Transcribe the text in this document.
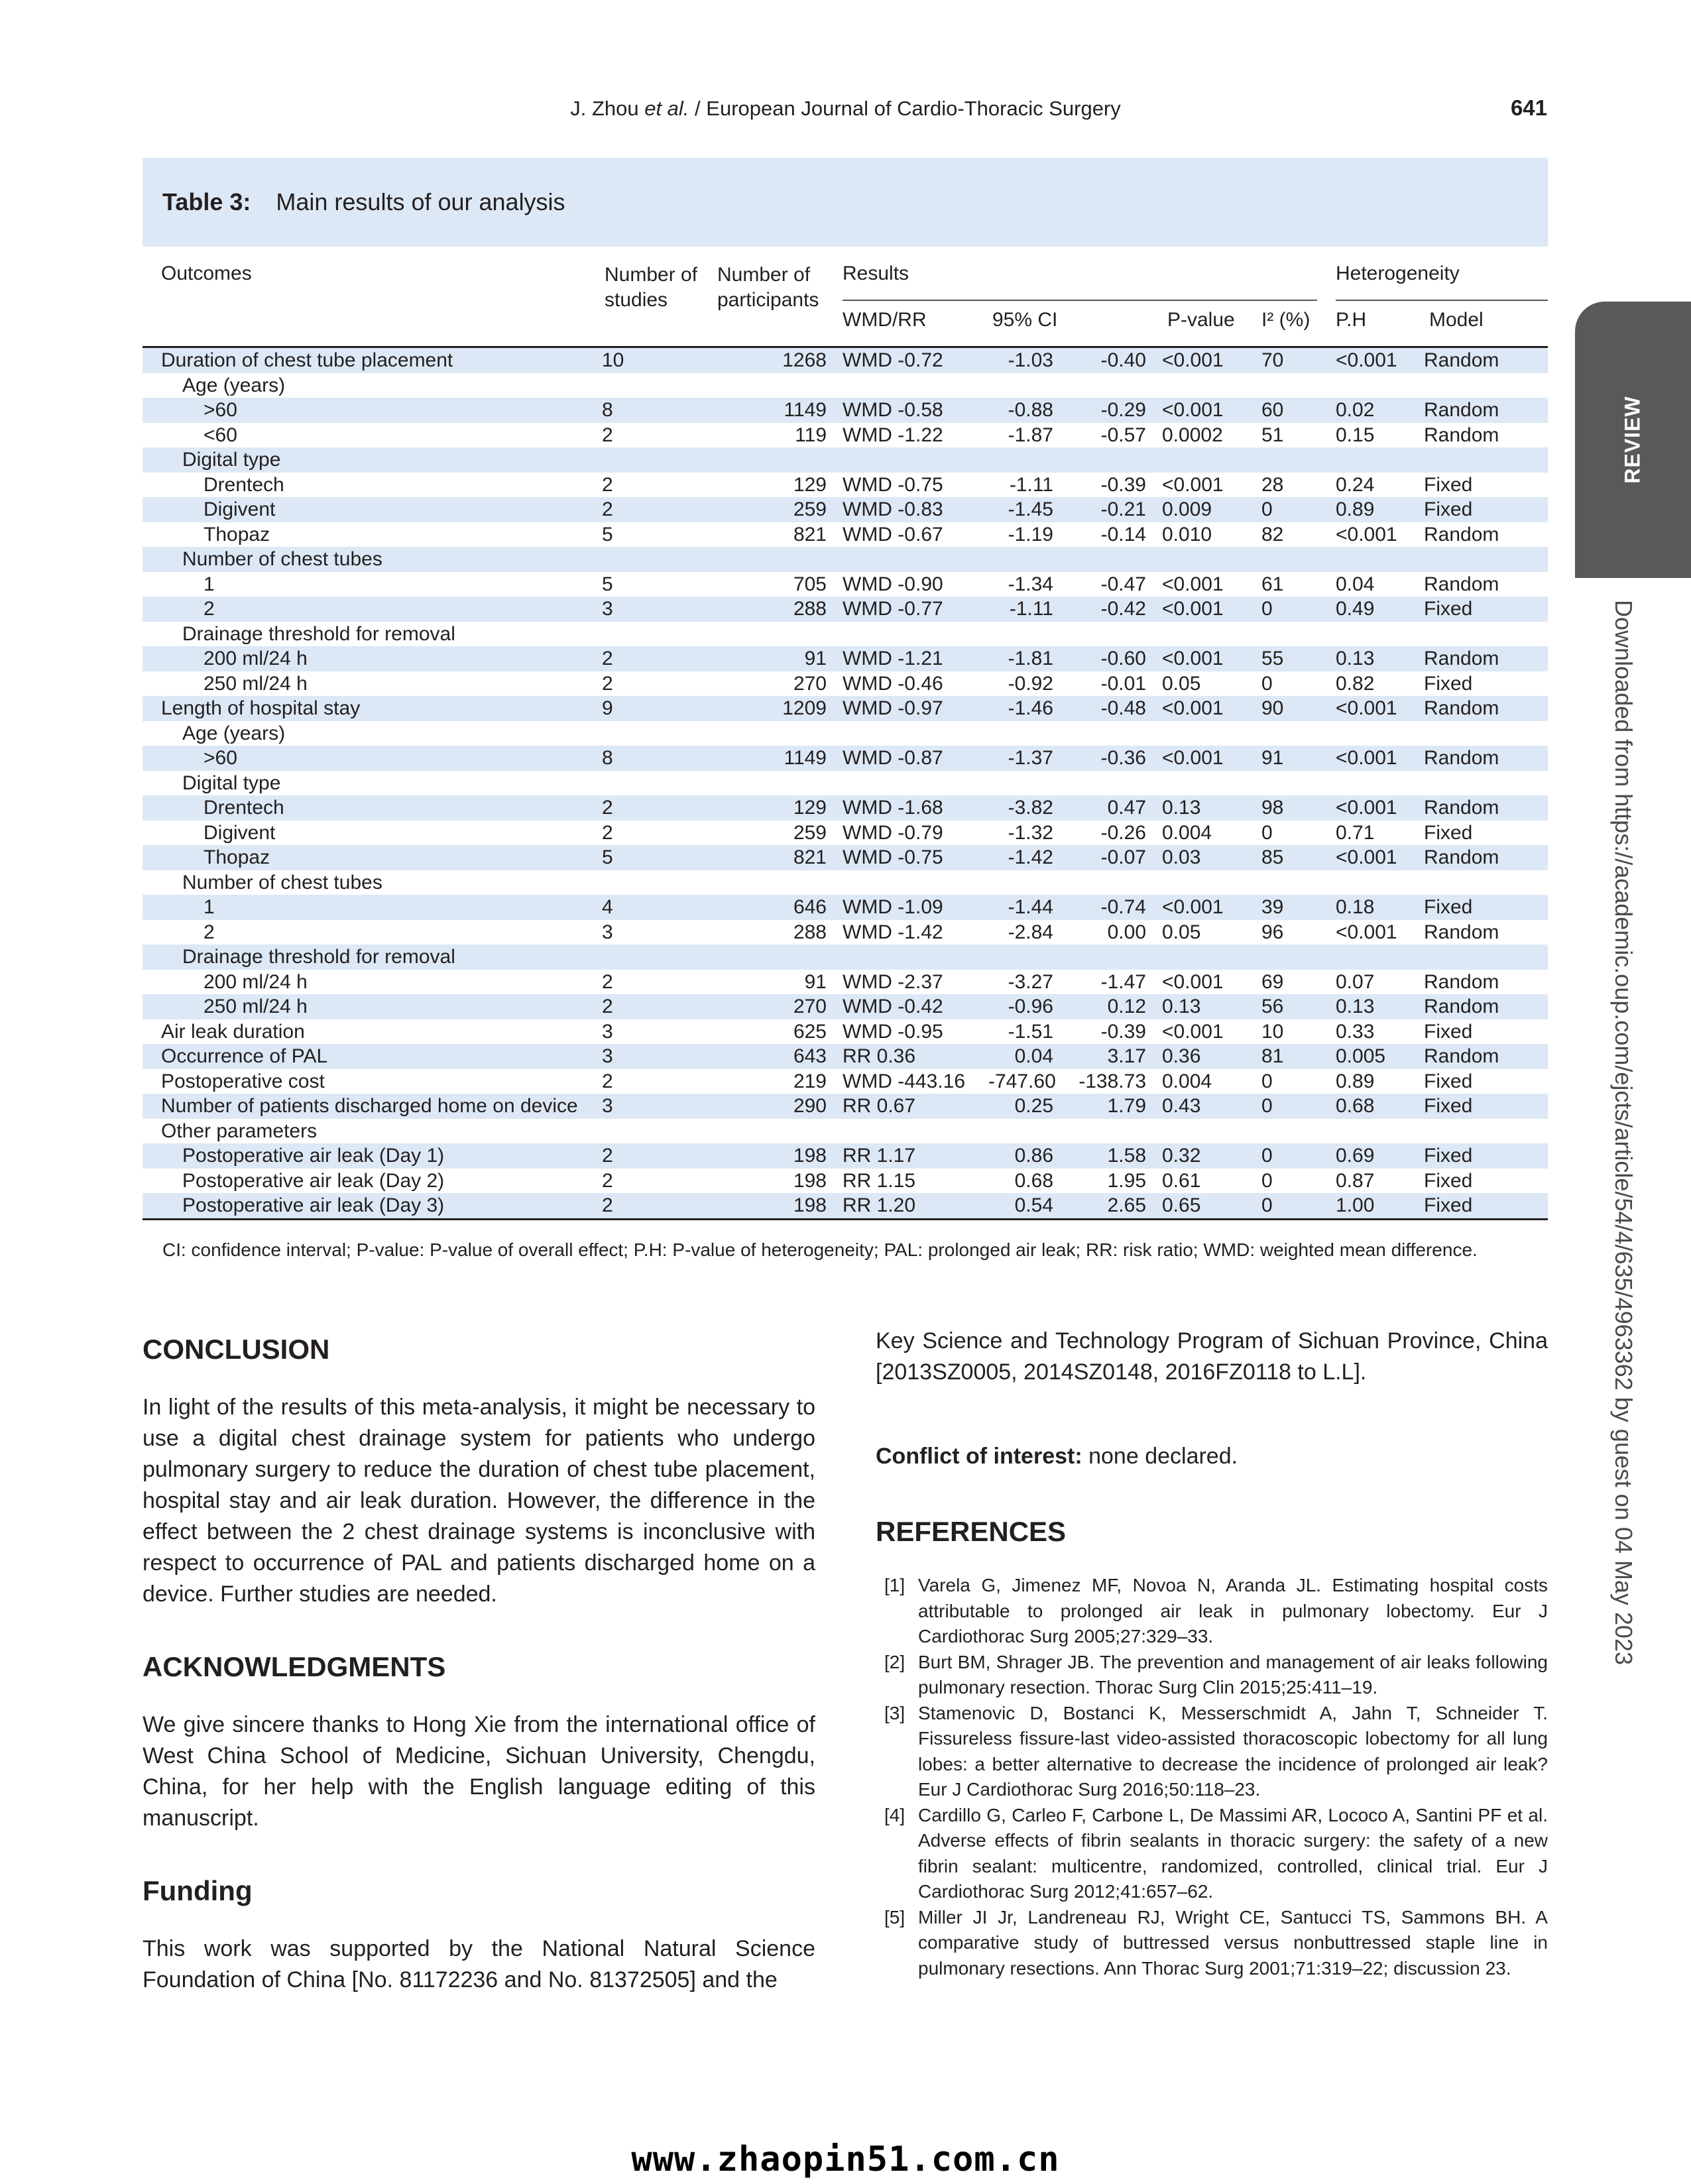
J. Zhou et al. / European Journal of Cardio-Thoracic Surgery	641
Table 3: Main results of our analysis
Outcomes	Number of studies	Number of participants	Results					Heterogeneity	

			WMD/RR	95% CI		P-value	I² (%)	P.H	Model
Duration of chest tube placement	10	1268	WMD -0.72	-1.03	-0.40	<0.001	70	<0.001	Random
Age (years)									
>60	8	1149	WMD -0.58	-0.88	-0.29	<0.001	60	0.02	Random
<60	2	119	WMD -1.22	-1.87	-0.57	0.0002	51	0.15	Random
Digital type									
Drentech	2	129	WMD -0.75	-1.11	-0.39	<0.001	28	0.24	Fixed
Digivent	2	259	WMD -0.83	-1.45	-0.21	0.009	0	0.89	Fixed
Thopaz	5	821	WMD -0.67	-1.19	-0.14	0.010	82	<0.001	Random
Number of chest tubes									
1	5	705	WMD -0.90	-1.34	-0.47	<0.001	61	0.04	Random
2	3	288	WMD -0.77	-1.11	-0.42	<0.001	0	0.49	Fixed
Drainage threshold for removal									
200 ml/24 h	2	91	WMD -1.21	-1.81	-0.60	<0.001	55	0.13	Random
250 ml/24 h	2	270	WMD -0.46	-0.92	-0.01	0.05	0	0.82	Fixed
Length of hospital stay	9	1209	WMD -0.97	-1.46	-0.48	<0.001	90	<0.001	Random
Age (years)									
>60	8	1149	WMD -0.87	-1.37	-0.36	<0.001	91	<0.001	Random
Digital type									
Drentech	2	129	WMD -1.68	-3.82	0.47	0.13	98	<0.001	Random
Digivent	2	259	WMD -0.79	-1.32	-0.26	0.004	0	0.71	Fixed
Thopaz	5	821	WMD -0.75	-1.42	-0.07	0.03	85	<0.001	Random
Number of chest tubes									
1	4	646	WMD -1.09	-1.44	-0.74	<0.001	39	0.18	Fixed
2	3	288	WMD -1.42	-2.84	0.00	0.05	96	<0.001	Random
Drainage threshold for removal									
200 ml/24 h	2	91	WMD -2.37	-3.27	-1.47	<0.001	69	0.07	Random
250 ml/24 h	2	270	WMD -0.42	-0.96	0.12	0.13	56	0.13	Random
Air leak duration	3	625	WMD -0.95	-1.51	-0.39	<0.001	10	0.33	Fixed
Occurrence of PAL	3	643	RR 0.36	0.04	3.17	0.36	81	0.005	Random
Postoperative cost	2	219	WMD -443.16	-747.60	-138.73	0.004	0	0.89	Fixed
Number of patients discharged home on device	3	290	RR 0.67	0.25	1.79	0.43	0	0.68	Fixed
Other parameters									
Postoperative air leak (Day 1)	2	198	RR 1.17	0.86	1.58	0.32	0	0.69	Fixed
Postoperative air leak (Day 2)	2	198	RR 1.15	0.68	1.95	0.61	0	0.87	Fixed
Postoperative air leak (Day 3)	2	198	RR 1.20	0.54	2.65	0.65	0	1.00	Fixed
CI: confidence interval; P-value: P-value of overall effect; P.H: P-value of heterogeneity; PAL: prolonged air leak; RR: risk ratio; WMD: weighted mean difference.
CONCLUSION
In light of the results of this meta-analysis, it might be necessary to use a digital chest drainage system for patients who undergo pulmonary surgery to reduce the duration of chest tube placement, hospital stay and air leak duration. However, the difference in the effect between the 2 chest drainage systems is inconclusive with respect to occurrence of PAL and patients discharged home on a device. Further studies are needed.
ACKNOWLEDGMENTS
We give sincere thanks to Hong Xie from the international office of West China School of Medicine, Sichuan University, Chengdu, China, for her help with the English language editing of this manuscript.
Funding
This work was supported by the National Natural Science Foundation of China [No. 81172236 and No. 81372505] and the
Key Science and Technology Program of Sichuan Province, China [2013SZ0005, 2014SZ0148, 2016FZ0118 to L.L].
Conflict of interest: none declared.
REFERENCES
[1] Varela G, Jimenez MF, Novoa N, Aranda JL. Estimating hospital costs attributable to prolonged air leak in pulmonary lobectomy. Eur J Cardiothorac Surg 2005;27:329–33.
[2] Burt BM, Shrager JB. The prevention and management of air leaks following pulmonary resection. Thorac Surg Clin 2015;25:411–19.
[3] Stamenovic D, Bostanci K, Messerschmidt A, Jahn T, Schneider T. Fissureless fissure-last video-assisted thoracoscopic lobectomy for all lung lobes: a better alternative to decrease the incidence of prolonged air leak? Eur J Cardiothorac Surg 2016;50:118–23.
[4] Cardillo G, Carleo F, Carbone L, De Massimi AR, Lococo A, Santini PF et al. Adverse effects of fibrin sealants in thoracic surgery: the safety of a new fibrin sealant: multicentre, randomized, controlled, clinical trial. Eur J Cardiothorac Surg 2012;41:657–62.
[5] Miller JI Jr, Landreneau RJ, Wright CE, Santucci TS, Sammons BH. A comparative study of buttressed versus nonbuttressed staple line in pulmonary resections. Ann Thorac Surg 2001;71:319–22; discussion 23.
REVIEW
Downloaded from https://academic.oup.com/ejcts/article/54/4/635/4963362 by guest on 04 May 2023
www.zhaopin51.com.cn
